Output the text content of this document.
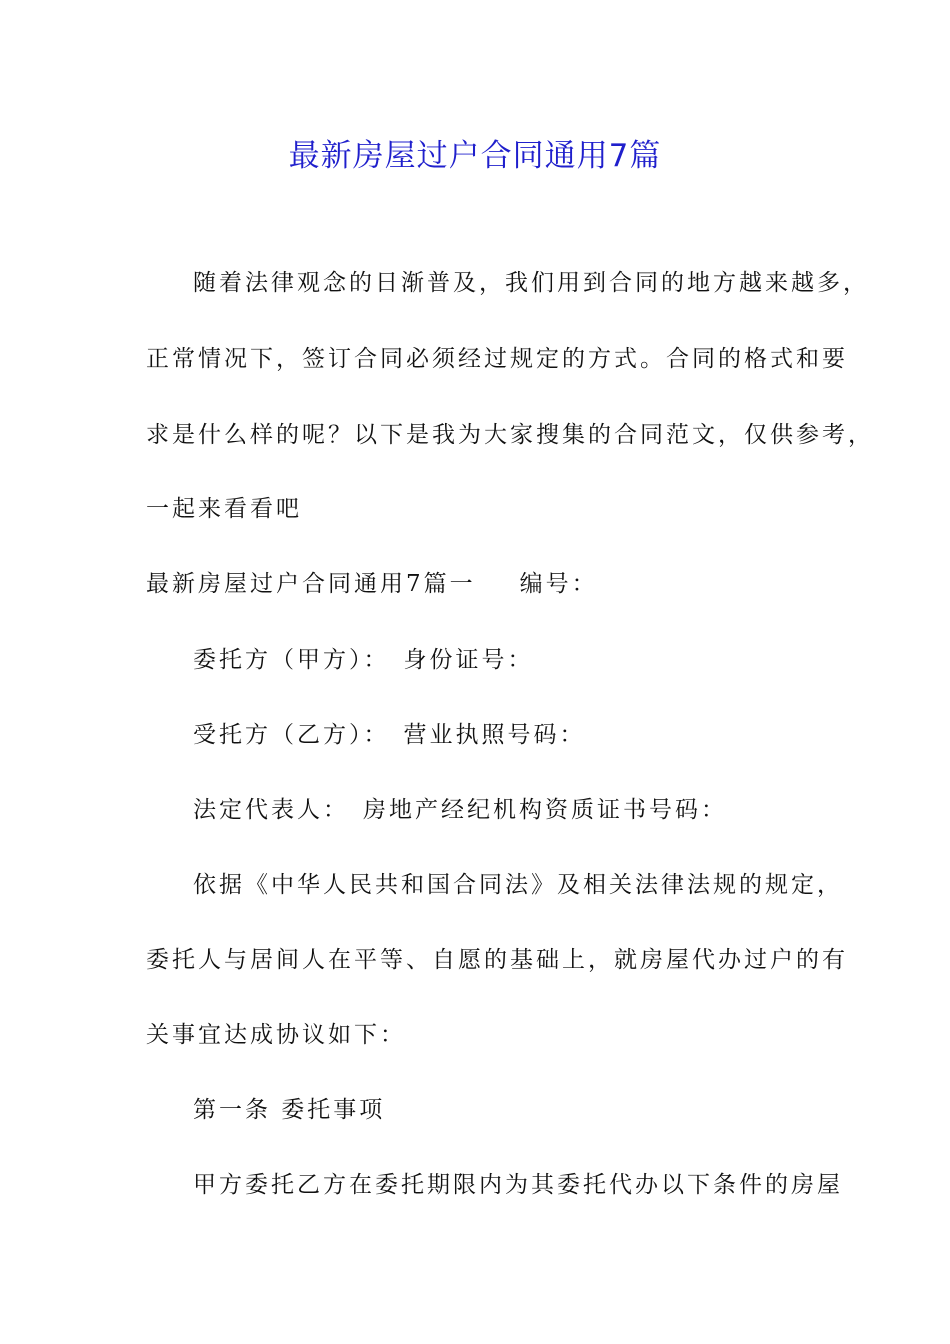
最新房屋过户合同通用7篇
随着法律观念的日渐普及，我们用到合同的地方越来越多，
正常情况下，签订合同必须经过规定的方式。合同的格式和要
求是什么样的呢？以下是我为大家搜集的合同范文，仅供参考，
一起来看看吧
最新房屋过户合同通用7篇一 编号：
委托方（甲方）： 身份证号：
受托方（乙方）： 营业执照号码：
法定代表人： 房地产经纪机构资质证书号码：
依据《中华人民共和国合同法》及相关法律法规的规定，
委托人与居间人在平等、自愿的基础上，就房屋代办过户的有
关事宜达成协议如下：
第一条 委托事项
甲方委托乙方在委托期限内为其委托代办以下条件的房屋
